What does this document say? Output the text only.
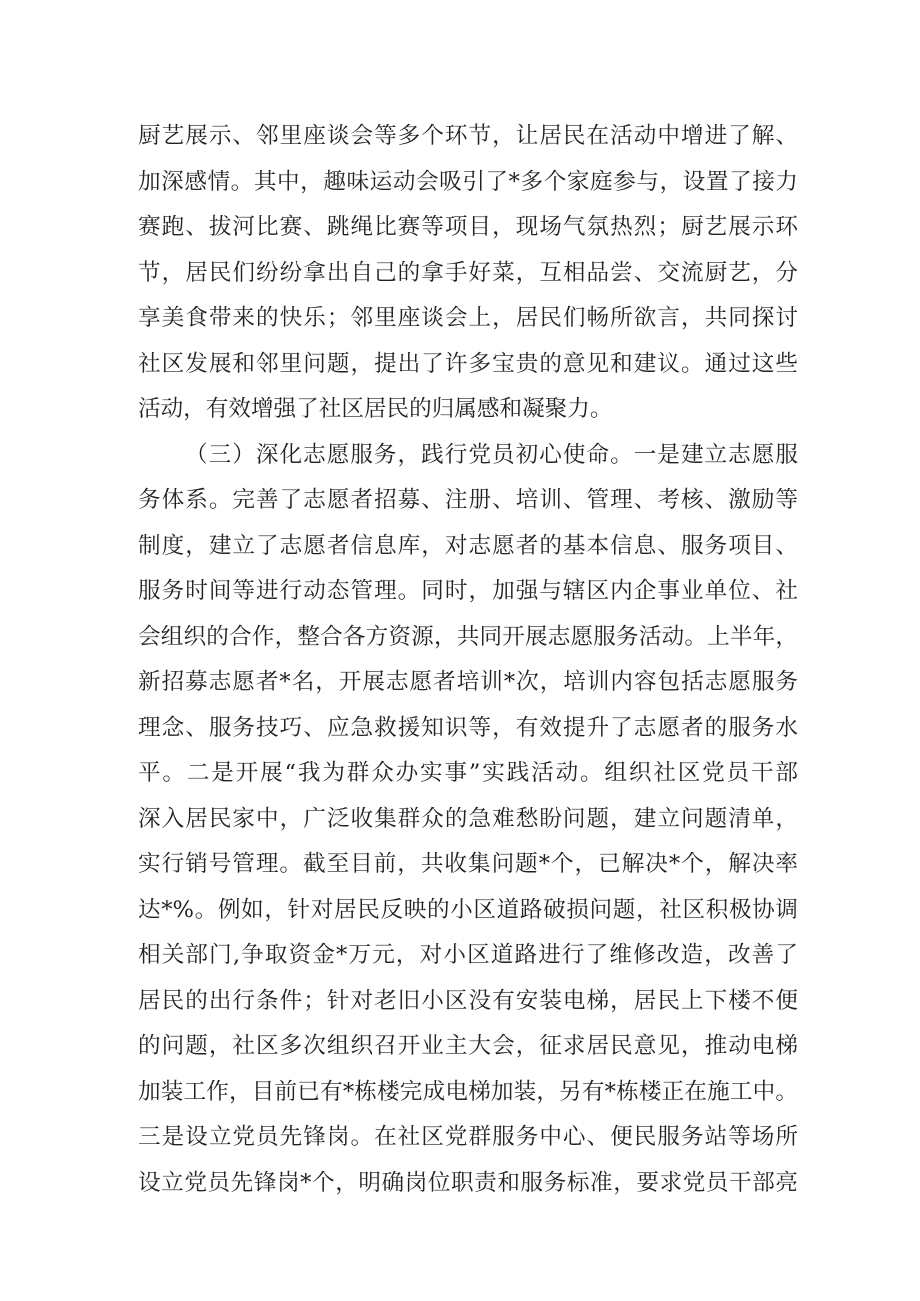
厨艺展示、邻里座谈会等多个环节，让居民在活动中增进了解、
加深感情。其中，趣味运动会吸引了*多个家庭参与，设置了接力
赛跑、拔河比赛、跳绳比赛等项目，现场气氛热烈；厨艺展示环
节，居民们纷纷拿出自己的拿手好菜，互相品尝、交流厨艺，分
享美食带来的快乐；邻里座谈会上，居民们畅所欲言，共同探讨
社区发展和邻里问题，提出了许多宝贵的意见和建议。通过这些
活动，有效增强了社区居民的归属感和凝聚力。
（三）深化志愿服务，践行党员初心使命。一是建立志愿服
务体系。完善了志愿者招募、注册、培训、管理、考核、激励等
制度，建立了志愿者信息库，对志愿者的基本信息、服务项目、
服务时间等进行动态管理。同时，加强与辖区内企事业单位、社
会组织的合作，整合各方资源，共同开展志愿服务活动。上半年，
新招募志愿者*名，开展志愿者培训*次，培训内容包括志愿服务
理念、服务技巧、应急救援知识等，有效提升了志愿者的服务水
平。二是开展“我为群众办实事”实践活动。组织社区党员干部
深入居民家中，广泛收集群众的急难愁盼问题，建立问题清单，
实行销号管理。截至目前，共收集问题*个，已解决*个，解决率
达*%。例如，针对居民反映的小区道路破损问题，社区积极协调
相关部门,争取资金*万元，对小区道路进行了维修改造，改善了
居民的出行条件；针对老旧小区没有安装电梯，居民上下楼不便
的问题，社区多次组织召开业主大会，征求居民意见，推动电梯
加装工作，目前已有*栋楼完成电梯加装，另有*栋楼正在施工中。
三是设立党员先锋岗。在社区党群服务中心、便民服务站等场所
设立党员先锋岗*个，明确岗位职责和服务标准，要求党员干部亮
